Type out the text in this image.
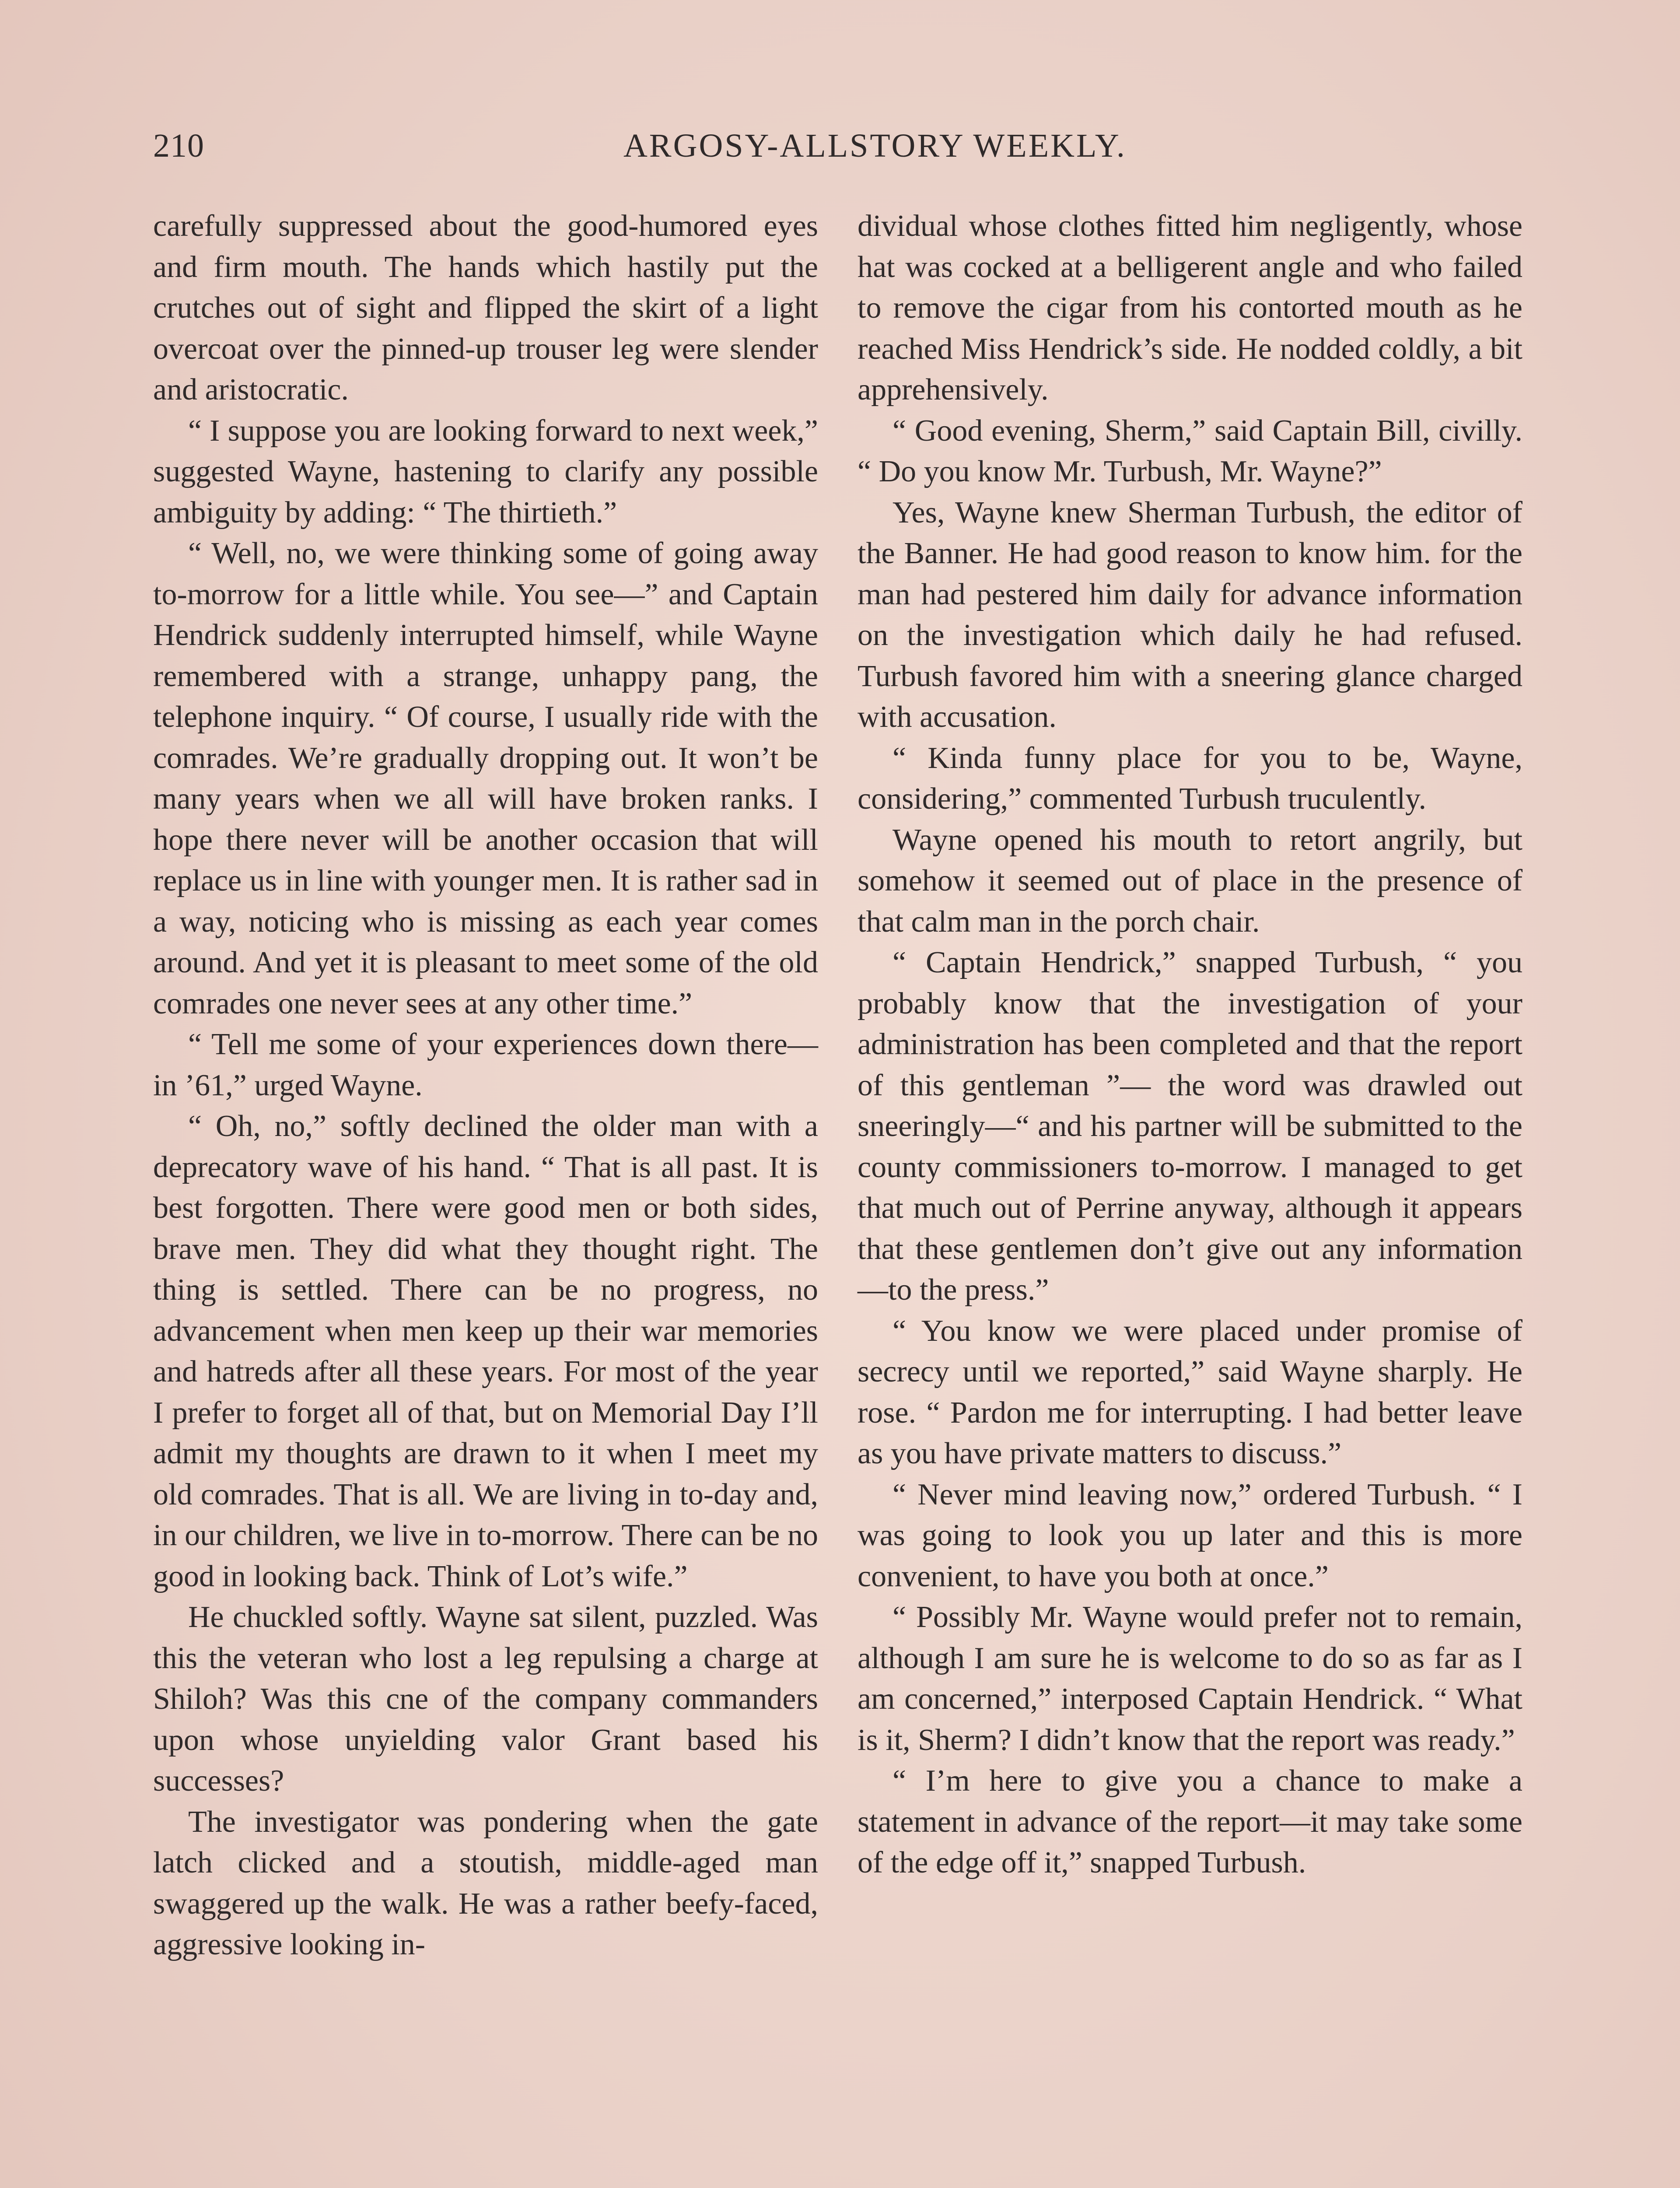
210	ARGOSY-ALLSTORY WEEKLY.

carefully suppressed about the good-humored eyes and firm mouth. The hands which hastily put the crutches out of sight and flipped the skirt of a light overcoat over the pinned-up trouser leg were slender and aristocratic.

“ I suppose you are looking forward to next week,” suggested Wayne, hastening to clarify any possible ambiguity by adding: “ The thirtieth.”

“ Well, no, we were thinking some of going away to-morrow for a little while. You see—” and Captain Hendrick suddenly interrupted himself, while Wayne remembered with a strange, unhappy pang, the telephone inquiry. “ Of course, I usually ride with the comrades. We’re gradually dropping out. It won’t be many years when we all will have broken ranks. I hope there never will be another occasion that will replace us in line with younger men. It is rather sad in a way, noticing who is missing as each year comes around. And yet it is pleasant to meet some of the old comrades one never sees at any other time.”

“ Tell me some of your experiences down there—in ’61,” urged Wayne.

“ Oh, no,” softly declined the older man with a deprecatory wave of his hand. “ That is all past. It is best forgotten. There were good men or both sides, brave men. They did what they thought right. The thing is settled. There can be no progress, no advancement when men keep up their war memories and hatreds after all these years. For most of the year I prefer to forget all of that, but on Memorial Day I’ll admit my thoughts are drawn to it when I meet my old comrades. That is all. We are living in to-day and, in our children, we live in to-morrow. There can be no good in looking back. Think of Lot’s wife.”

He chuckled softly. Wayne sat silent, puzzled. Was this the veteran who lost a leg repulsing a charge at Shiloh? Was this cne of the company commanders upon whose unyielding valor Grant based his successes?

The investigator was pondering when the gate latch clicked and a stoutish, middle-aged man swaggered up the walk. He was a rather beefy-faced, aggressive looking in-

dividual whose clothes fitted him negligently, whose hat was cocked at a belligerent angle and who failed to remove the cigar from his contorted mouth as he reached Miss Hendrick’s side. He nodded coldly, a bit apprehensively.

“ Good evening, Sherm,” said Captain Bill, civilly. “ Do you know Mr. Turbush, Mr. Wayne?”

Yes, Wayne knew Sherman Turbush, the editor of the Banner. He had good reason to know him. for the man had pestered him daily for advance information on the investigation which daily he had refused. Turbush favored him with a sneering glance charged with accusation.

“ Kinda funny place for you to be, Wayne, considering,” commented Turbush truculently.

Wayne opened his mouth to retort angrily, but somehow it seemed out of place in the presence of that calm man in the porch chair.

“ Captain Hendrick,” snapped Turbush, “ you probably know that the investigation of your administration has been completed and that the report of this gentleman ”— the word was drawled out sneeringly—“ and his partner will be submitted to the county commissioners to-morrow. I managed to get that much out of Perrine anyway, although it appears that these gentlemen don’t give out any information—to the press.”

“ You know we were placed under promise of secrecy until we reported,” said Wayne sharply. He rose. “ Pardon me for interrupting. I had better leave as you have private matters to discuss.”

“ Never mind leaving now,” ordered Turbush. “ I was going to look you up later and this is more convenient, to have you both at once.”

“ Possibly Mr. Wayne would prefer not to remain, although I am sure he is welcome to do so as far as I am concerned,” interposed Captain Hendrick. “ What is it, Sherm? I didn’t know that the report was ready.”

“ I’m here to give you a chance to make a statement in advance of the report—it may take some of the edge off it,” snapped Turbush.
